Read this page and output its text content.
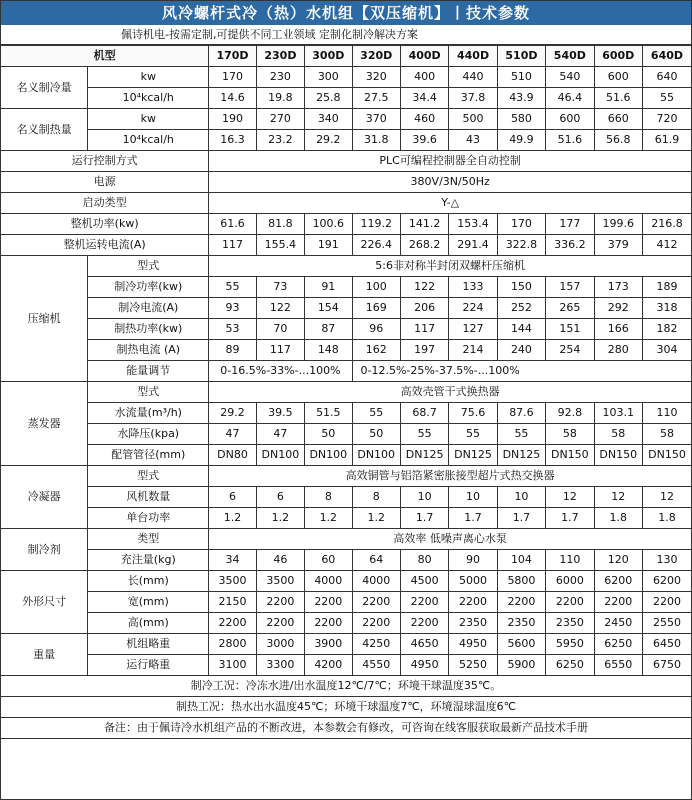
风冷螺杆式冷（热）水机组【双压缩机】丨技术参数
佩诗机电-按需定制,可提供不同工业领域 定制化制冷解决方案
机型		170D	230D	300D	320D	400D	440D	510D	540D	600D	640D
名义制冷量	kw	170	230	300	320	400	440	510	540	600	640
	10⁴kcal/h	14.6	19.8	25.8	27.5	34.4	37.8	43.9	46.4	51.6	55
名义制热量	kw	190	270	340	370	460	500	580	600	660	720
	10⁴kcal/h	16.3	23.2	29.2	31.8	39.6	43	49.9	51.6	56.8	61.9
运行控制方式		PLC可编程控制器全自动控制									
电源		380V/3N/50Hz									
启动类型		Y-△									
整机功率(kw)		61.6	81.8	100.6	119.2	141.2	153.4	170	177	199.6	216.8
整机运转电流(A)		117	155.4	191	226.4	268.2	291.4	322.8	336.2	379	412
压缩机	型式	5:6非对称半封闭双螺杆压缩机									
	制冷功率(kw)	55	73	91	100	122	133	150	157	173	189
	制冷电流(A)	93	122	154	169	206	224	252	265	292	318
	制热功率(kw)	53	70	87	96	117	127	144	151	166	182
	制热电流 (A)	89	117	148	162	197	214	240	254	280	304
	能量调节	0-16.5%-33%-...100%			0-12.5%-25%-37.5%-...100%						
蒸发器	型式	高效壳管干式换热器									
	水流量(m³/h)	29.2	39.5	51.5	55	68.7	75.6	87.6	92.8	103.1	110
	水降压(kpa)	47	47	50	50	55	55	55	58	58	58
	配管管径(mm)	DN80	DN100	DN100	DN100	DN125	DN125	DN125	DN150	DN150	DN150
冷凝器	型式	高效铜管与铝箔紧密胀接型超片式热交换器									
	风机数量	6	6	8	8	10	10	10	12	12	12
	单台功率	1.2	1.2	1.2	1.2	1.7	1.7	1.7	1.7	1.8	1.8
制冷剂	类型	高效率 低噪声离心水泵									
	充注量(kg)	34	46	60	64	80	90	104	110	120	130
外形尺寸	长(mm)	3500	3500	4000	4000	4500	5000	5800	6000	6200	6200
	宽(mm)	2150	2200	2200	2200	2200	2200	2200	2200	2200	2200
	高(mm)	2200	2200	2200	2200	2200	2350	2350	2350	2450	2550
重量	机组略重	2800	3000	3900	4250	4650	4950	5600	5950	6250	6450
	运行略重	3100	3300	4200	4550	4950	5250	5900	6250	6550	6750
制冷工况：冷冻水进/出水温度12℃/7℃；环境干球温度35℃。											
制热工况：热水出水温度45℃；环境干球温度7℃，环境湿球温度6℃											
备注：由于佩诗冷水机组产品的不断改进，本参数会有修改，可咨询在线客服获取最新产品技术手册											
